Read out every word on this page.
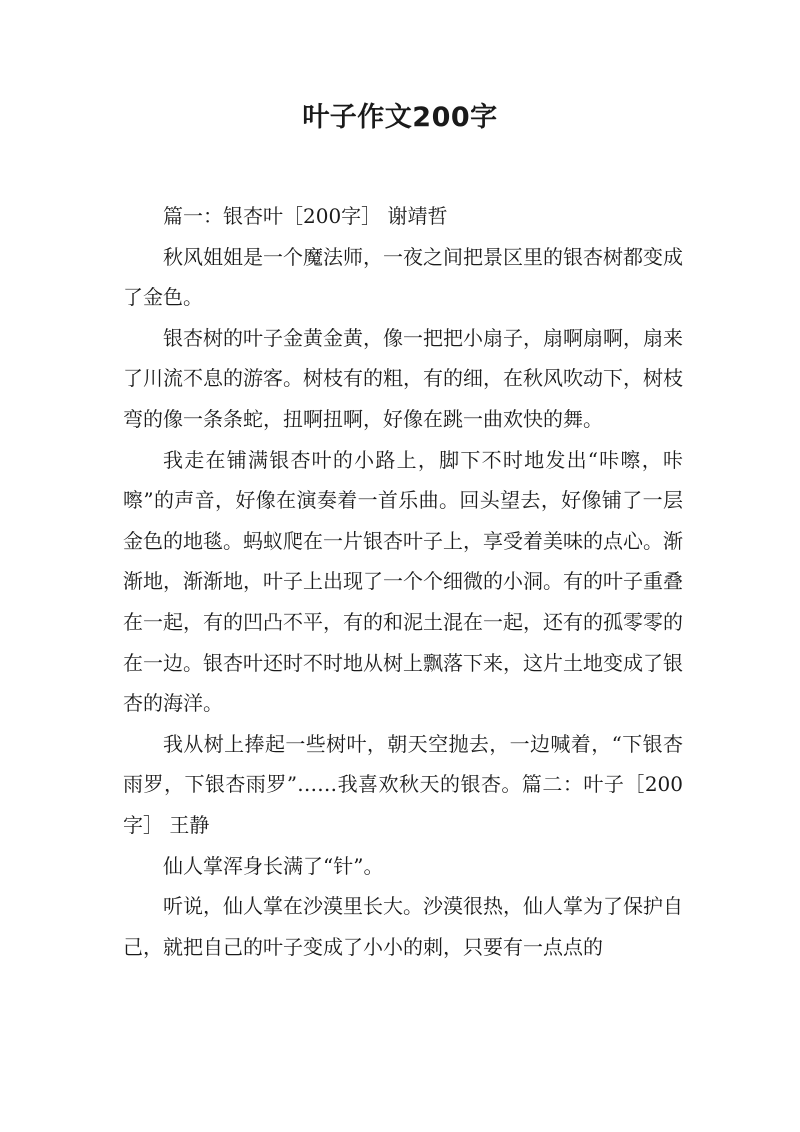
叶子作文200字

篇一：银杏叶［200字］ 谢靖哲

秋风姐姐是一个魔法师，一夜之间把景区里的银杏树都变成了金色。

银杏树的叶子金黄金黄，像一把把小扇子，扇啊扇啊，扇来了川流不息的游客。树枝有的粗，有的细，在秋风吹动下，树枝弯的像一条条蛇，扭啊扭啊，好像在跳一曲欢快的舞。

我走在铺满银杏叶的小路上，脚下不时地发出“咔嚓，咔嚓”的声音，好像在演奏着一首乐曲。回头望去，好像铺了一层金色的地毯。蚂蚁爬在一片银杏叶子上，享受着美味的点心。渐渐地，渐渐地，叶子上出现了一个个细微的小洞。有的叶子重叠在一起，有的凹凸不平，有的和泥土混在一起，还有的孤零零的在一边。银杏叶还时不时地从树上飘落下来，这片土地变成了银杏的海洋。

我从树上捧起一些树叶，朝天空抛去，一边喊着，“下银杏雨罗，下银杏雨罗”……我喜欢秋天的银杏。篇二：叶子［200字］ 王静

仙人掌浑身长满了“针”。

听说，仙人掌在沙漠里长大。沙漠很热，仙人掌为了保护自己，就把自己的叶子变成了小小的刺，只要有一点点的
